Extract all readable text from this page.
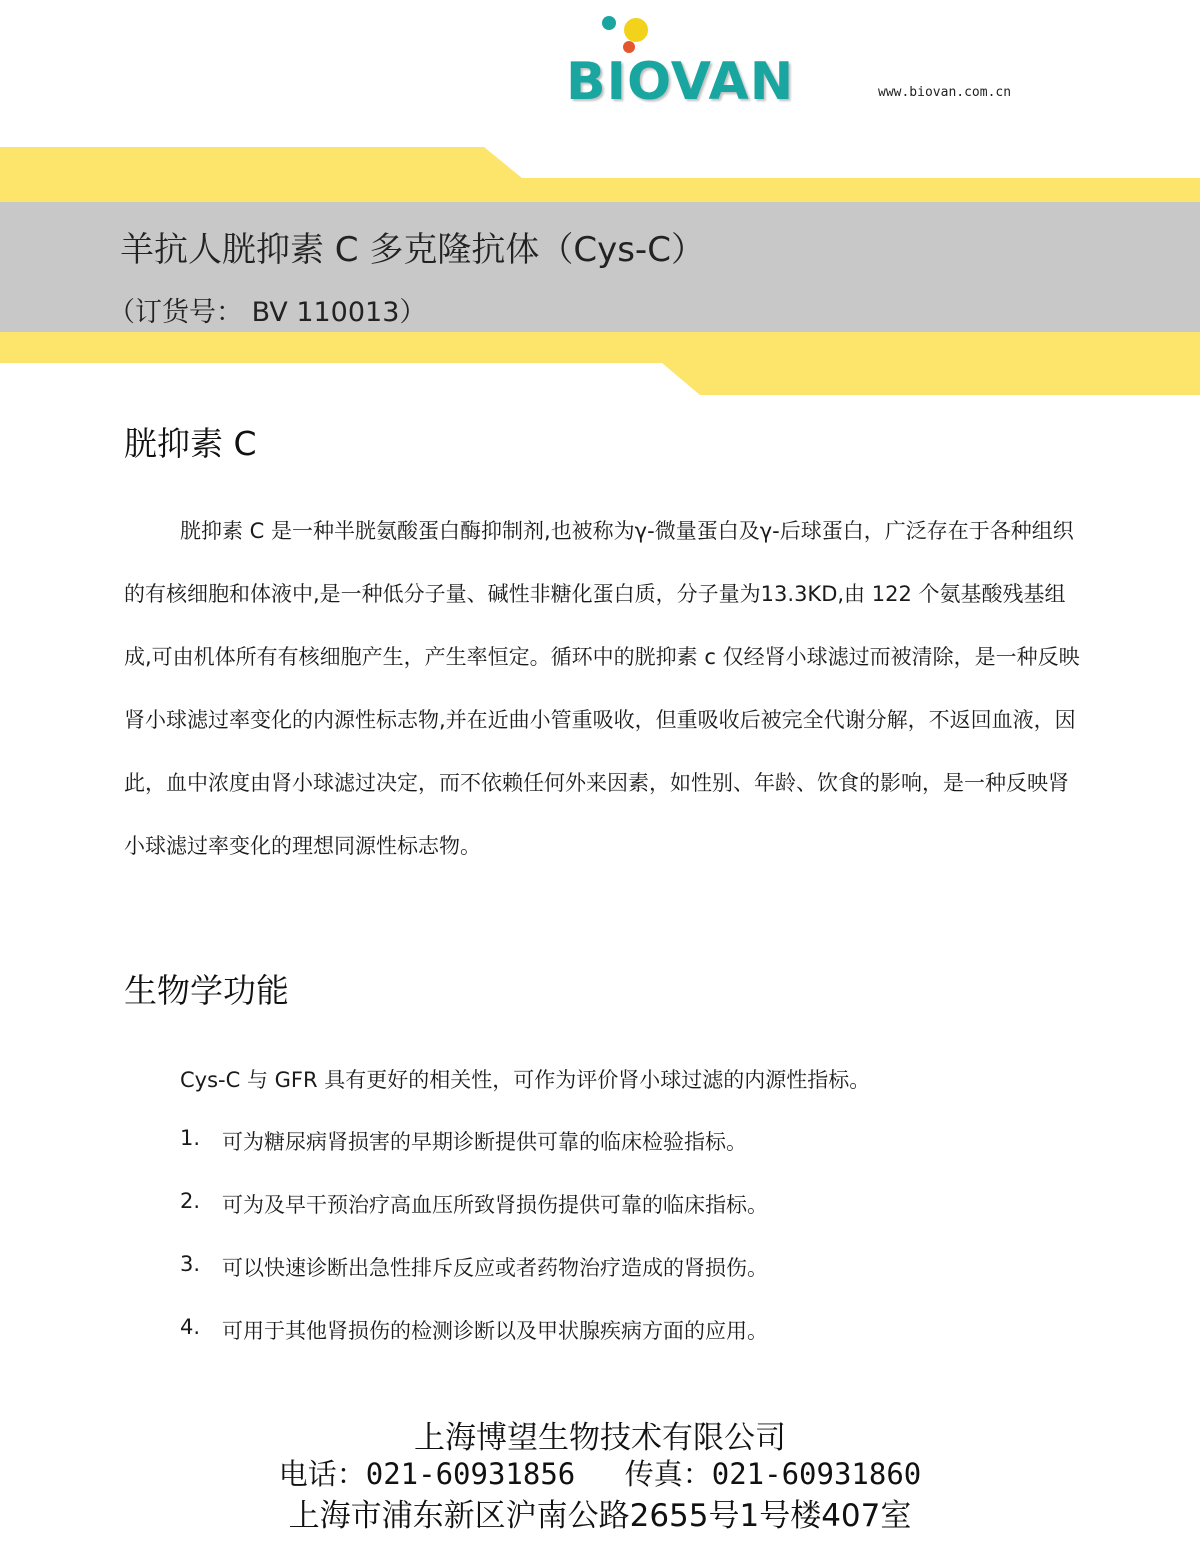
BIOVAN	www.biovan.com.cn
羊抗人胱抑素 C 多克隆抗体（Cys-C）
（订货号： BV 110013）
胱抑素 C

胱抑素 C 是一种半胱氨酸蛋白酶抑制剂,也被称为γ-微量蛋白及γ-后球蛋白，广泛存在于各种组织的有核细胞和体液中,是一种低分子量、碱性非糖化蛋白质，分子量为13.3KD,由 122 个氨基酸残基组成,可由机体所有有核细胞产生，产生率恒定。循环中的胱抑素 c 仅经肾小球滤过而被清除，是一种反映肾小球滤过率变化的内源性标志物,并在近曲小管重吸收，但重吸收后被完全代谢分解，不返回血液，因此，血中浓度由肾小球滤过决定，而不依赖任何外来因素，如性别、年龄、饮食的影响，是一种反映肾小球滤过率变化的理想同源性标志物。

生物学功能
Cys-C 与 GFR 具有更好的相关性，可作为评价肾小球过滤的内源性指标。
1.	可为糖尿病肾损害的早期诊断提供可靠的临床检验指标。
2.	可为及早干预治疗高血压所致肾损伤提供可靠的临床指标。
3.	可以快速诊断出急性排斥反应或者药物治疗造成的肾损伤。
4.	可用于其他肾损伤的检测诊断以及甲状腺疾病方面的应用。
上海博望生物技术有限公司
电话：021-60931856 传真：021-60931860
上海市浦东新区沪南公路2655号1号楼407室
